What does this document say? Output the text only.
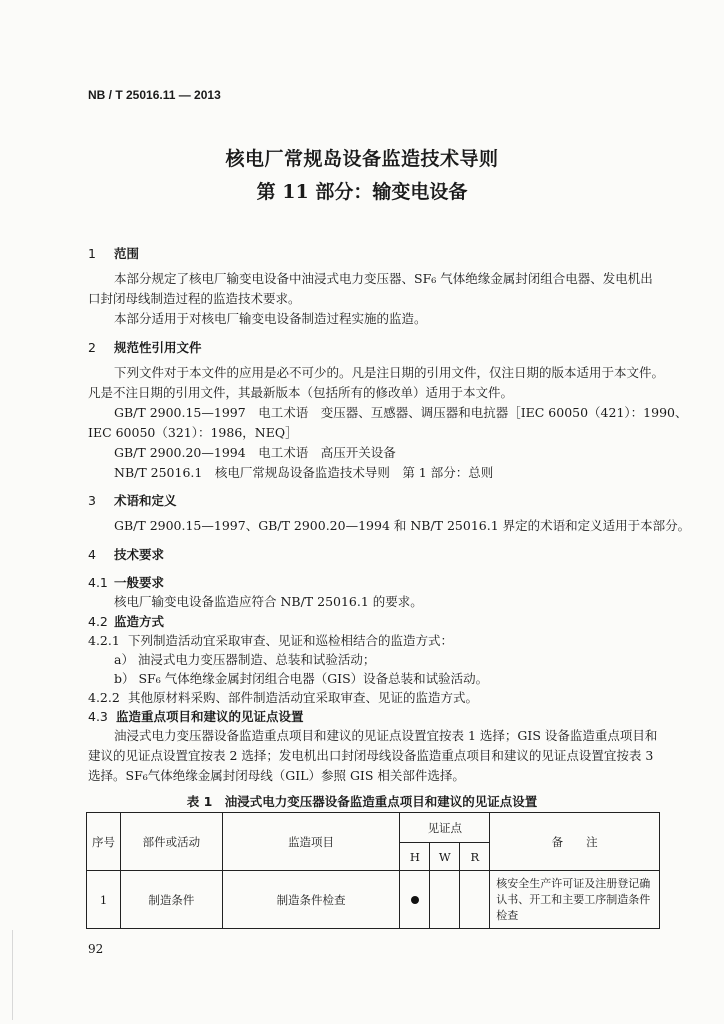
NB / T 25016.11 — 2013
核电厂常规岛设备监造技术导则
第 11 部分：输变电设备
1 范围
本部分规定了核电厂输变电设备中油浸式电力变压器、SF₆ 气体绝缘金属封闭组合电器、发电机出
口封闭母线制造过程的监造技术要求。
本部分适用于对核电厂输变电设备制造过程实施的监造。
2 规范性引用文件
下列文件对于本文件的应用是必不可少的。凡是注日期的引用文件，仅注日期的版本适用于本文件。
凡是不注日期的引用文件，其最新版本（包括所有的修改单）适用于本文件。
GB/T 2900.15—1997　电工术语　变压器、互感器、调压器和电抗器［IEC 60050（421）：1990、
IEC 60050（321）：1986，NEQ］
GB/T 2900.20—1994　电工术语　高压开关设备
NB/T 25016.1　核电厂常规岛设备监造技术导则　第 1 部分：总则
3 术语和定义
GB/T 2900.15—1997、GB/T 2900.20—1994 和 NB/T 25016.1 界定的术语和定义适用于本部分。
4 技术要求
4.1 一般要求
核电厂输变电设备监造应符合 NB/T 25016.1 的要求。
4.2 监造方式
4.2.1 下列制造活动宜采取审查、见证和巡检相结合的监造方式：
a） 油浸式电力变压器制造、总装和试验活动；
b） SF₆ 气体绝缘金属封闭组合电器（GIS）设备总装和试验活动。
4.2.2 其他原材料采购、部件制造活动宜采取审查、见证的监造方式。
4.3 监造重点项目和建议的见证点设置
油浸式电力变压器设备监造重点项目和建议的见证点设置宜按表 1 选择；GIS 设备监造重点项目和
建议的见证点设置宜按表 2 选择；发电机出口封闭母线设备监造重点项目和建议的见证点设置宜按表 3
选择。SF₆气体绝缘金属封闭母线（GIL）参照 GIS 相关部件选择。
表 1　油浸式电力变压器设备监造重点项目和建议的见证点设置
序号	部件或活动	监造项目	见证点			备　　注
			H	W	R	
1	制造条件	制造条件检查				核安全生产许可证及注册登记确认书、开工和主要工序制造条件检查
92
